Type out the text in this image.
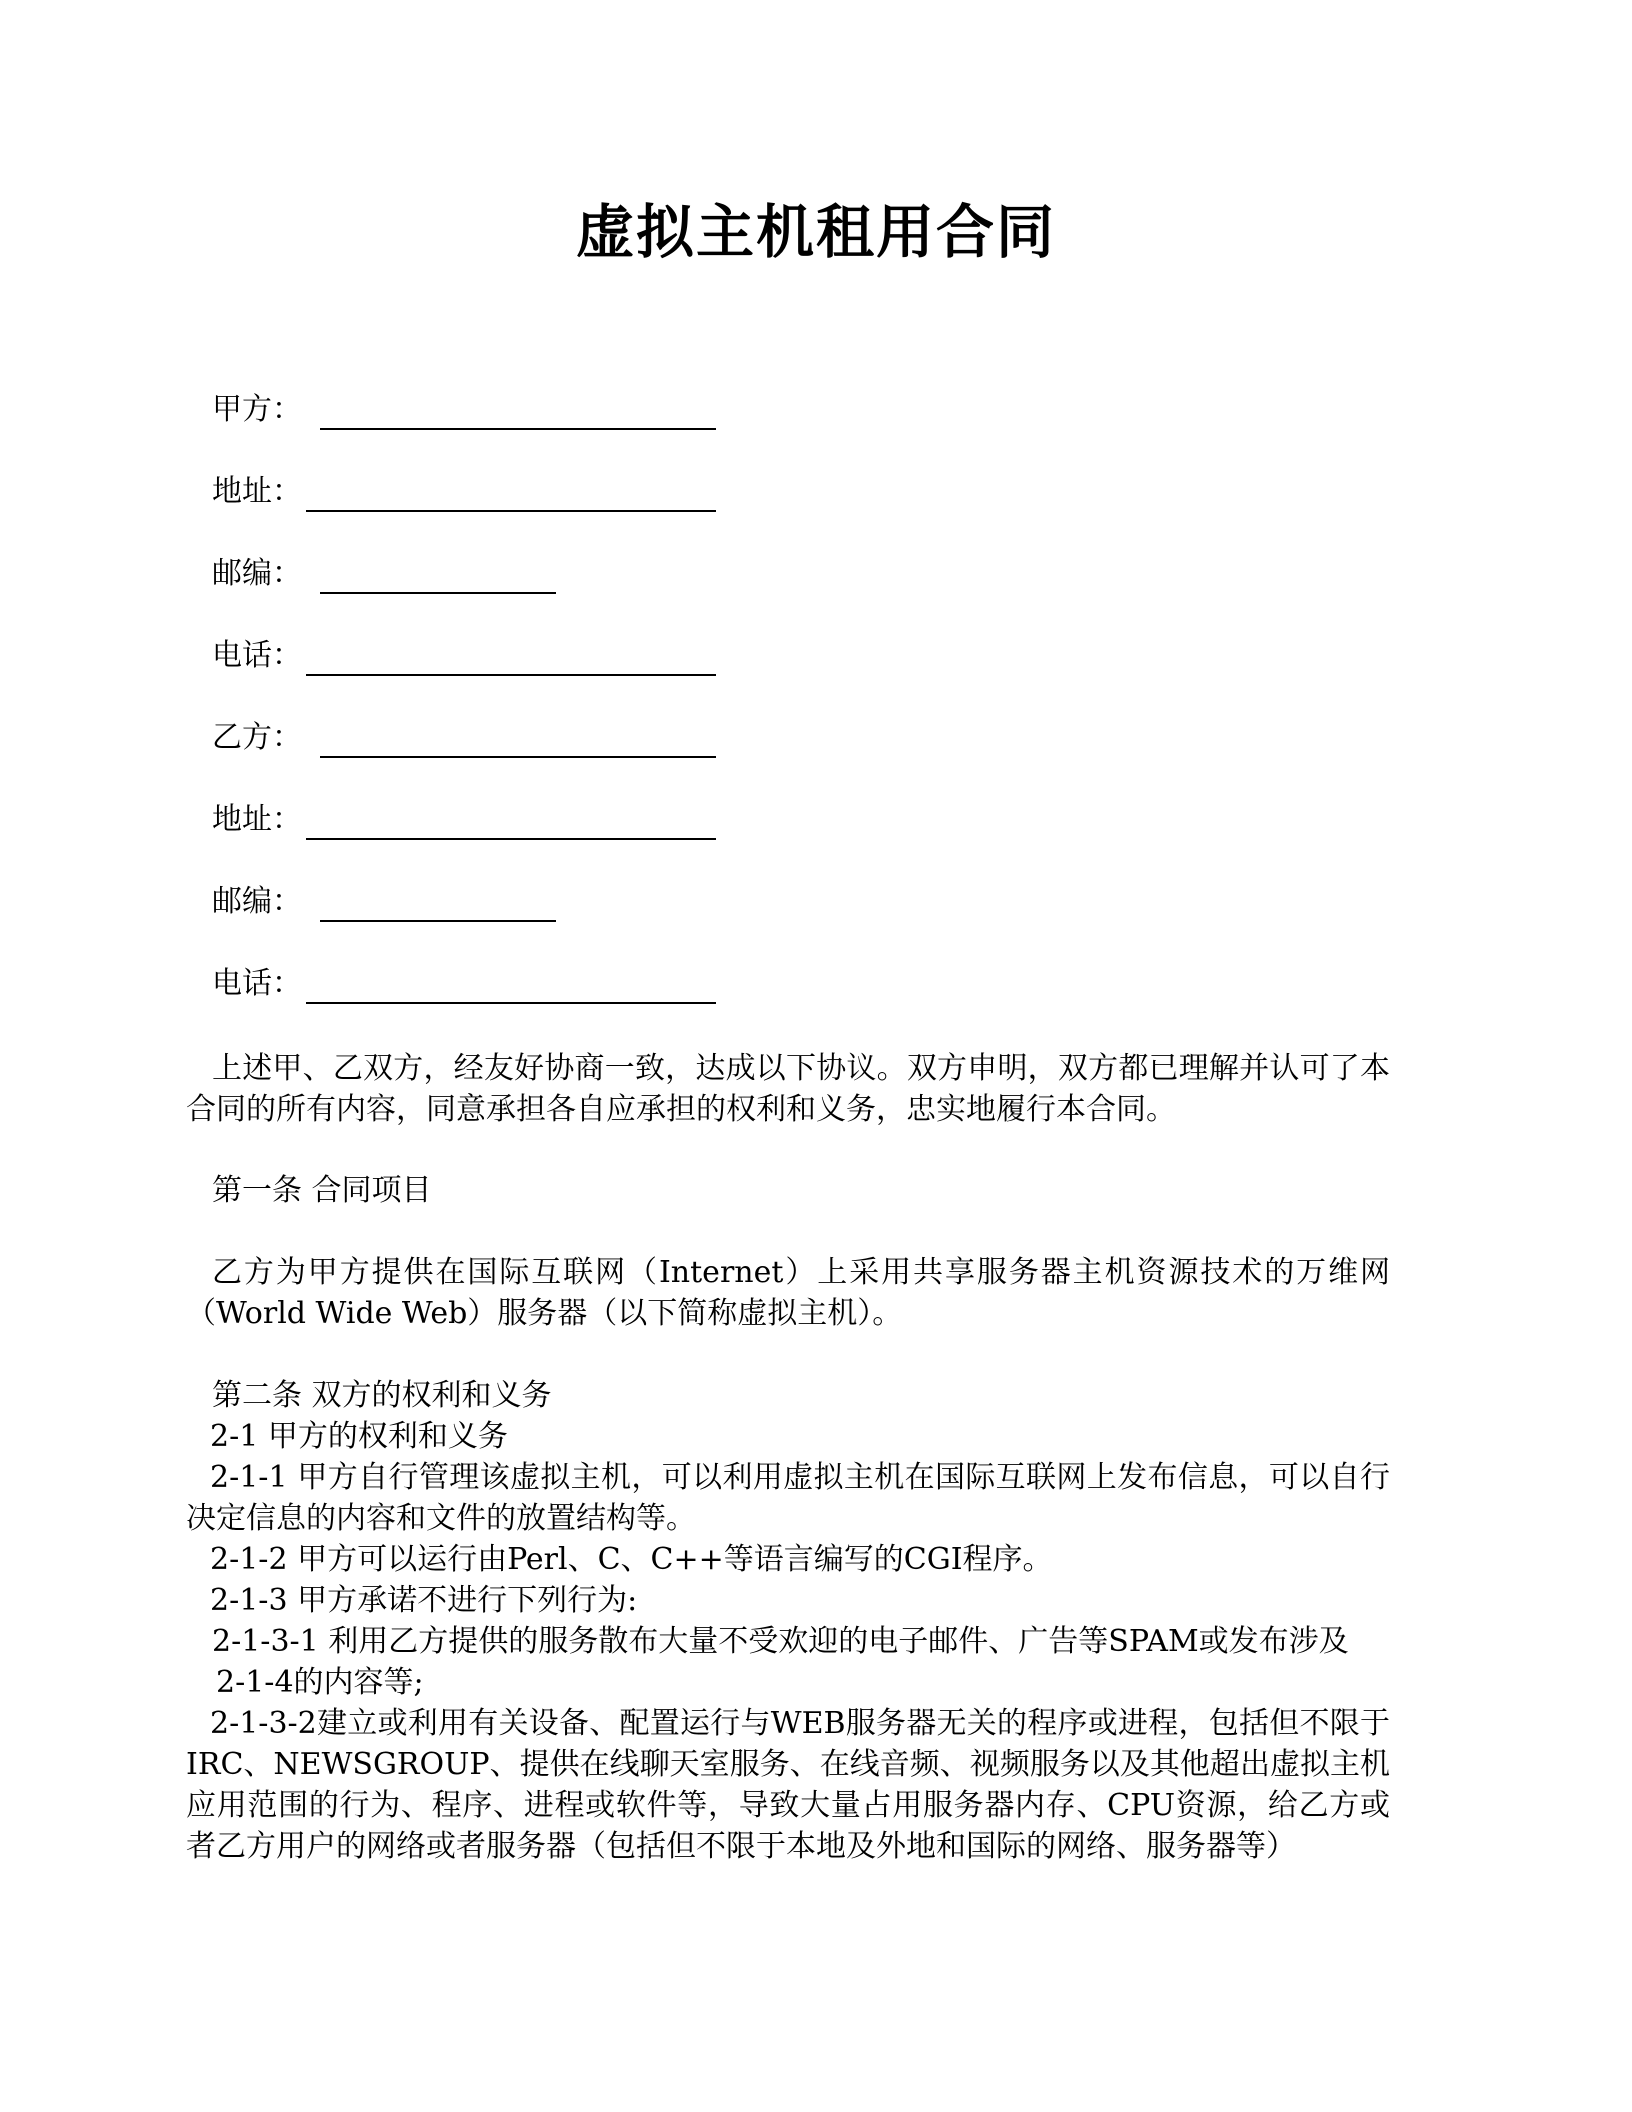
虚拟主机租用合同
甲方：
地址：
邮编：
电话：
乙方：
地址：
邮编：
电话：

上述甲、乙双方，经友好协商一致，达成以下协议。双方申明，双方都已理解并认可了本合同的所有内容，同意承担各自应承担的权利和义务，忠实地履行本合同。

第一条 合同项目

乙方为甲方提供在国际互联网（Internet）上采用共享服务器主机资源技术的万维网（World Wide Web）服务器（以下简称虚拟主机）。

第二条 双方的权利和义务

2-1 甲方的权利和义务

2-1-1 甲方自行管理该虚拟主机，可以利用虚拟主机在国际互联网上发布信息，可以自行决定信息的内容和文件的放置结构等。

2-1-2 甲方可以运行由Perl、C、C++等语言编写的CGI程序。

2-1-3 甲方承诺不进行下列行为:

2-1-3-1 利用乙方提供的服务散布大量不受欢迎的电子邮件、广告等SPAM或发布涉及

2-1-4的内容等;

2-1-3-2建立或利用有关设备、配置运行与WEB服务器无关的程序或进程，包括但不限于IRC、NEWSGROUP、提供在线聊天室服务、在线音频、视频服务以及其他超出虚拟主机应用范围的行为、程序、进程或软件等，导致大量占用服务器内存、CPU资源，给乙方或者乙方用户的网络或者服务器（包括但不限于本地及外地和国际的网络、服务器等）
